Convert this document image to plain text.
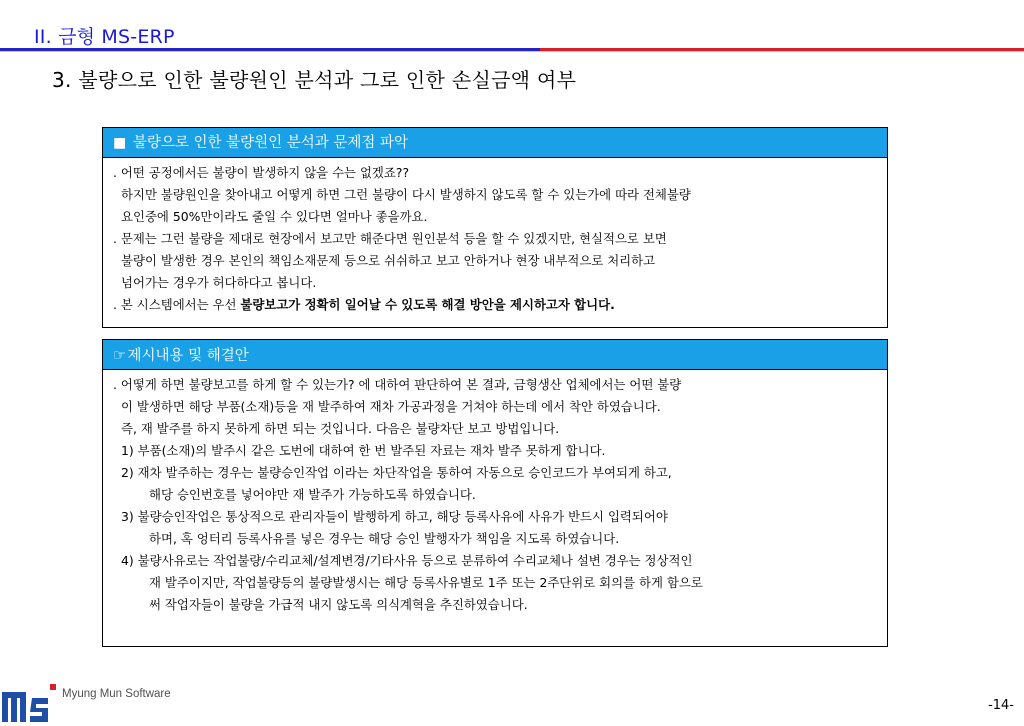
II. 금형 MS-ERP
3. 불량으로 인한 불량원인 분석과 그로 인한 손실금액 여부
■ 불량으로 인한 불량원인 분석과 문제점 파악
. 어떤 공정에서든 불량이 발생하지 않을 수는 없겠죠??
하지만 불량원인을 찾아내고 어떻게 하면 그런 불량이 다시 발생하지 않도록 할 수 있는가에 따라 전체불량
요인중에 50%만이라도 줄일 수 있다면 얼마나 좋을까요.
. 문제는 그런 불량을 제대로 현장에서 보고만 해준다면 원인분석 등을 할 수 있겠지만, 현실적으로 보면
불량이 발생한 경우 본인의 책임소재문제 등으로 쉬쉬하고 보고 안하거나 현장 내부적으로 처리하고
넘어가는 경우가 허다하다고 봅니다.
. 본 시스템에서는 우선 불량보고가 정확히 일어날 수 있도록 해결 방안을 제시하고자 합니다.
☞제시내용 및 해결안
. 어떻게 하면 불량보고를 하게 할 수 있는가? 에 대하여 판단하여 본 결과, 금형생산 업체에서는 어떤 불량
이 발생하면 해당 부품(소재)등을 재 발주하여 재차 가공과정을 거쳐야 하는데 에서 착안 하였습니다.
즉, 재 발주를 하지 못하게 하면 되는 것입니다. 다음은 불량차단 보고 방법입니다.
1) 부품(소재)의 발주시 같은 도번에 대하여 한 번 발주된 자료는 재차 발주 못하게 합니다.
2) 재차 발주하는 경우는 불량승인작업 이라는 차단작업을 통하여 자동으로 승인코드가 부여되게 하고,
해당 승인번호를 넣어야만 재 발주가 가능하도록 하였습니다.
3) 불량승인작업은 통상적으로 관리자들이 발행하게 하고, 해당 등록사유에 사유가 반드시 입력되어야
하며, 혹 엉터리 등록사유를 넣은 경우는 해당 승인 발행자가 책임을 지도록 하였습니다.
4) 불량사유로는 작업불량/수리교체/설계변경/기타사유 등으로 분류하여 수리교체나 설변 경우는 정상적인
재 발주이지만, 작업불량등의 불량발생시는 해당 등록사유별로 1주 또는 2주단위로 회의를 하게 함으로
써 작업자들이 불량을 가급적 내지 않도록 의식계혁을 추진하였습니다.
Myung Mun Software
-14-
